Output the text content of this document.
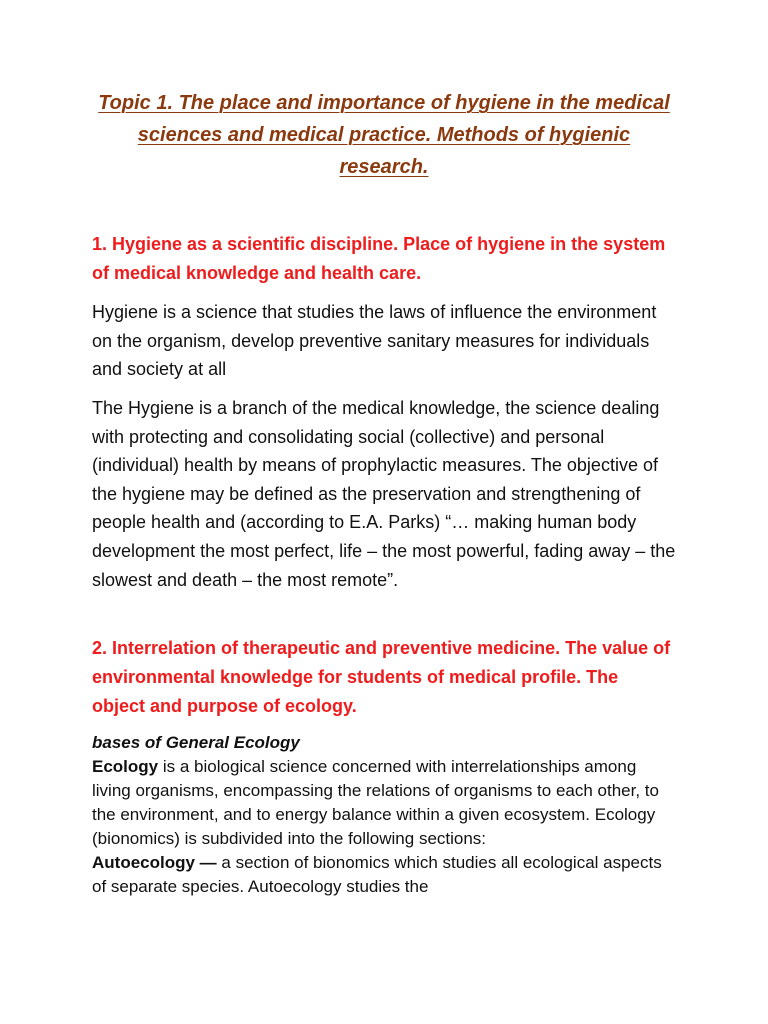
Topic 1. The place and importance of hygiene in the medical sciences and medical practice. Methods of hygienic research.
1. Hygiene as a scientific discipline. Place of hygiene in the system of medical knowledge and health care.
Hygiene is a science that studies the laws of influence the environment on the organism, develop preventive sanitary measures for individuals and society at all
The Hygiene is a branch of the medical knowledge, the science dealing with protecting and consolidating social (collective) and personal (individual) health by means of prophylactic measures. The objective of the hygiene may be defined as the preservation and strengthening of people health and (according to E.A. Parks) “… making human body development the most perfect, life – the most powerful, fading away – the slowest and death – the most remote”.
2. Interrelation of therapeutic and preventive medicine. The value of environmental knowledge for students of medical profile. The object and purpose of ecology.
bases of General Ecology
Ecology is a biological science concerned with interrelationships among living organisms, encompassing the relations of organisms to each other, to the environment, and to energy balance within a given ecosystem. Ecology (bionomics) is subdivided into the following sections:
Autoecology — a section of bionomics which studies all ecological aspects of separate species. Autoecology studies the
